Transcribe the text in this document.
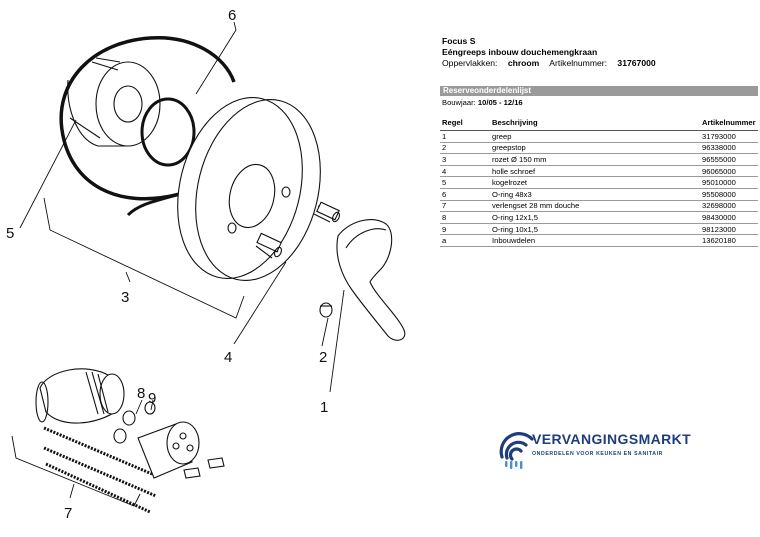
6
5
3
4	2
1
8 9
7
Focus S
Eéngreeps inbouw douchemengkraan
Oppervlakken: chroom Artikelnummer: 31767000
Reserveonderdelenlijst
Bouwjaar: 10/05 - 12/16
Regel	Beschrijving	Artikelnummer
1	greep	31793000
2	greepstop	96338000
3	rozet Ø 150 mm	96555000
4	holle schroef	96065000
5	kogelrozet	95010000
6	O-ring 48x3	95508000
7	verlengset 28 mm douche	32698000
8	O-ring 12x1,5	98430000
9	O-ring 10x1,5	98123000
a	Inbouwdelen	13620180
VERVANGINGSMARKT
ONDERDELEN VOOR KEUKEN EN SANITAIR
